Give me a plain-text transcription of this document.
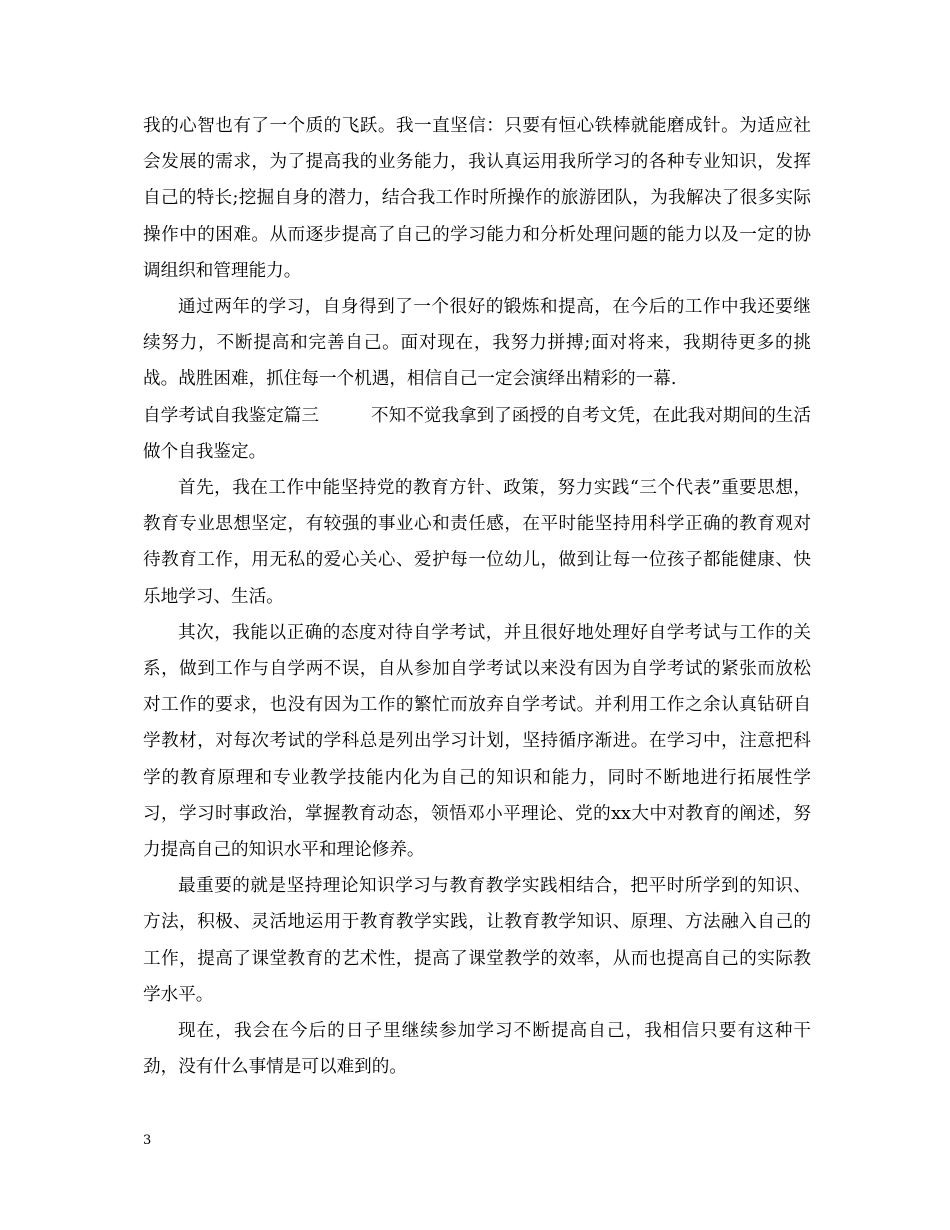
我的心智也有了一个质的飞跃。我一直坚信：只要有恒心铁棒就能磨成针。为适应社会发展的需求，为了提高我的业务能力，我认真运用我所学习的各种专业知识，发挥自己的特长;挖掘自身的潜力，结合我工作时所操作的旅游团队，为我解决了很多实际操作中的困难。从而逐步提高了自己的学习能力和分析处理问题的能力以及一定的协调组织和管理能力。

通过两年的学习，自身得到了一个很好的锻炼和提高，在今后的工作中我还要继续努力，不断提高和完善自己。面对现在，我努力拼搏;面对将来，我期待更多的挑战。战胜困难，抓住每一个机遇，相信自己一定会演绎出精彩的一幕.

自学考试自我鉴定篇三	不知不觉我拿到了函授的自考文凭，在此我对期间的生活做个自我鉴定。

首先，我在工作中能坚持党的教育方针、政策，努力实践“三个代表”重要思想，教育专业思想坚定，有较强的事业心和责任感，在平时能坚持用科学正确的教育观对待教育工作，用无私的爱心关心、爱护每一位幼儿，做到让每一位孩子都能健康、快乐地学习、生活。

其次，我能以正确的态度对待自学考试，并且很好地处理好自学考试与工作的关系，做到工作与自学两不误，自从参加自学考试以来没有因为自学考试的紧张而放松对工作的要求，也没有因为工作的繁忙而放弃自学考试。并利用工作之余认真钻研自学教材，对每次考试的学科总是列出学习计划，坚持循序渐进。在学习中，注意把科学的教育原理和专业教学技能内化为自己的知识和能力，同时不断地进行拓展性学习，学习时事政治，掌握教育动态，领悟邓小平理论、党的xx大中对教育的阐述，努力提高自己的知识水平和理论修养。

最重要的就是坚持理论知识学习与教育教学实践相结合，把平时所学到的知识、方法，积极、灵活地运用于教育教学实践，让教育教学知识、原理、方法融入自己的工作，提高了课堂教育的艺术性，提高了课堂教学的效率，从而也提高自己的实际教学水平。

现在，我会在今后的日子里继续参加学习不断提高自己，我相信只要有这种干劲，没有什么事情是可以难到的。

3
